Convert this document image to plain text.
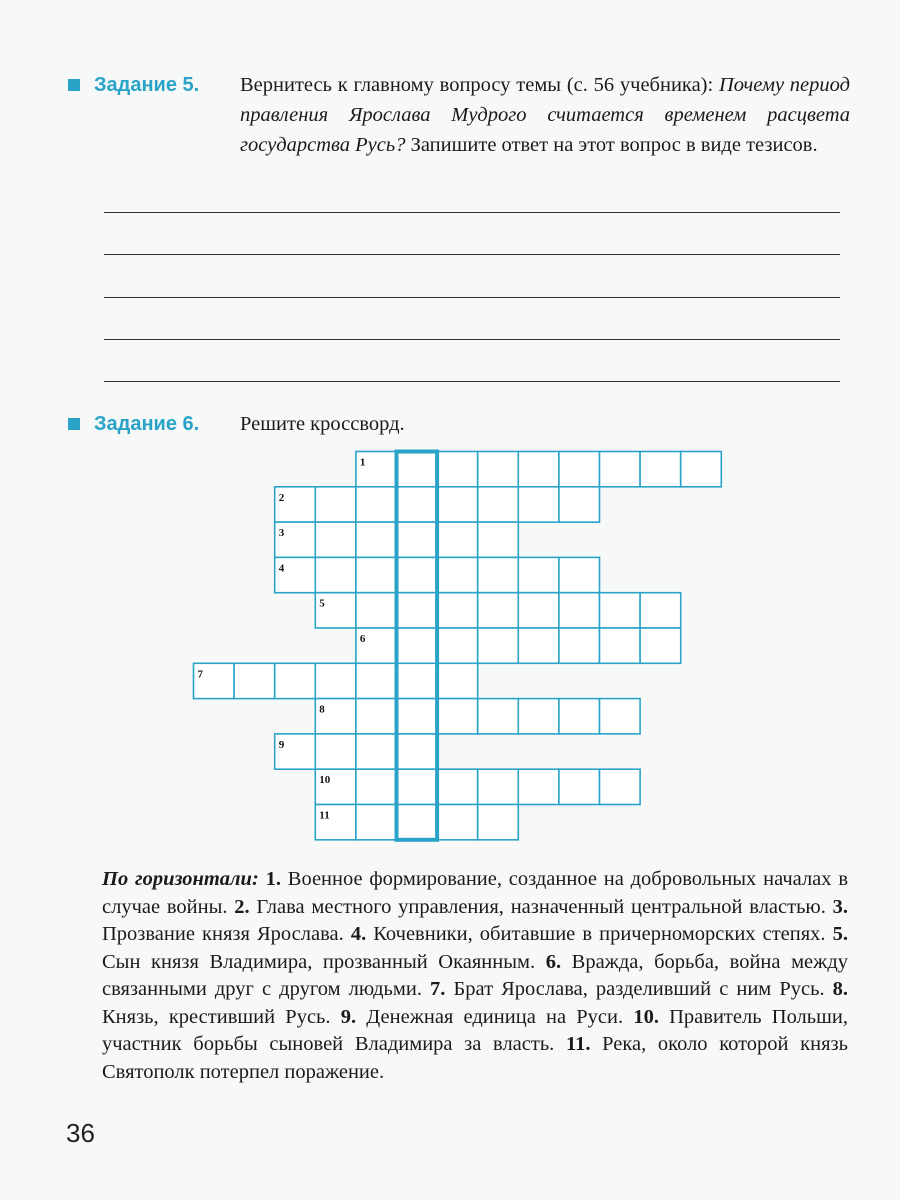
Задание 5. Вернитесь к главному вопросу темы (с. 56 учебника): Почему период правления Ярослава Мудрого считается временем расцвета государства Русь? Запишите ответ на этот вопрос в виде тезисов.
Задание 6. Решите кроссворд.
1
2
3
4
5
6
7
8
9
10
11
По горизонтали: 1. Военное формирование, созданное на добровольных началах в случае войны. 2. Глава местного управления, назначенный центральной властью. 3. Прозвание князя Ярослава. 4. Кочевники, обитавшие в причерноморских степях. 5. Сын князя Владимира, прозванный Окаянным. 6. Вражда, борьба, война между связанными друг с другом людьми. 7. Брат Ярослава, разделивший с ним Русь. 8. Князь, крестивший Русь. 9. Денежная единица на Руси. 10. Правитель Польши, участник борьбы сыновей Владимира за власть. 11. Река, около которой князь Святополк потерпел поражение.
36
